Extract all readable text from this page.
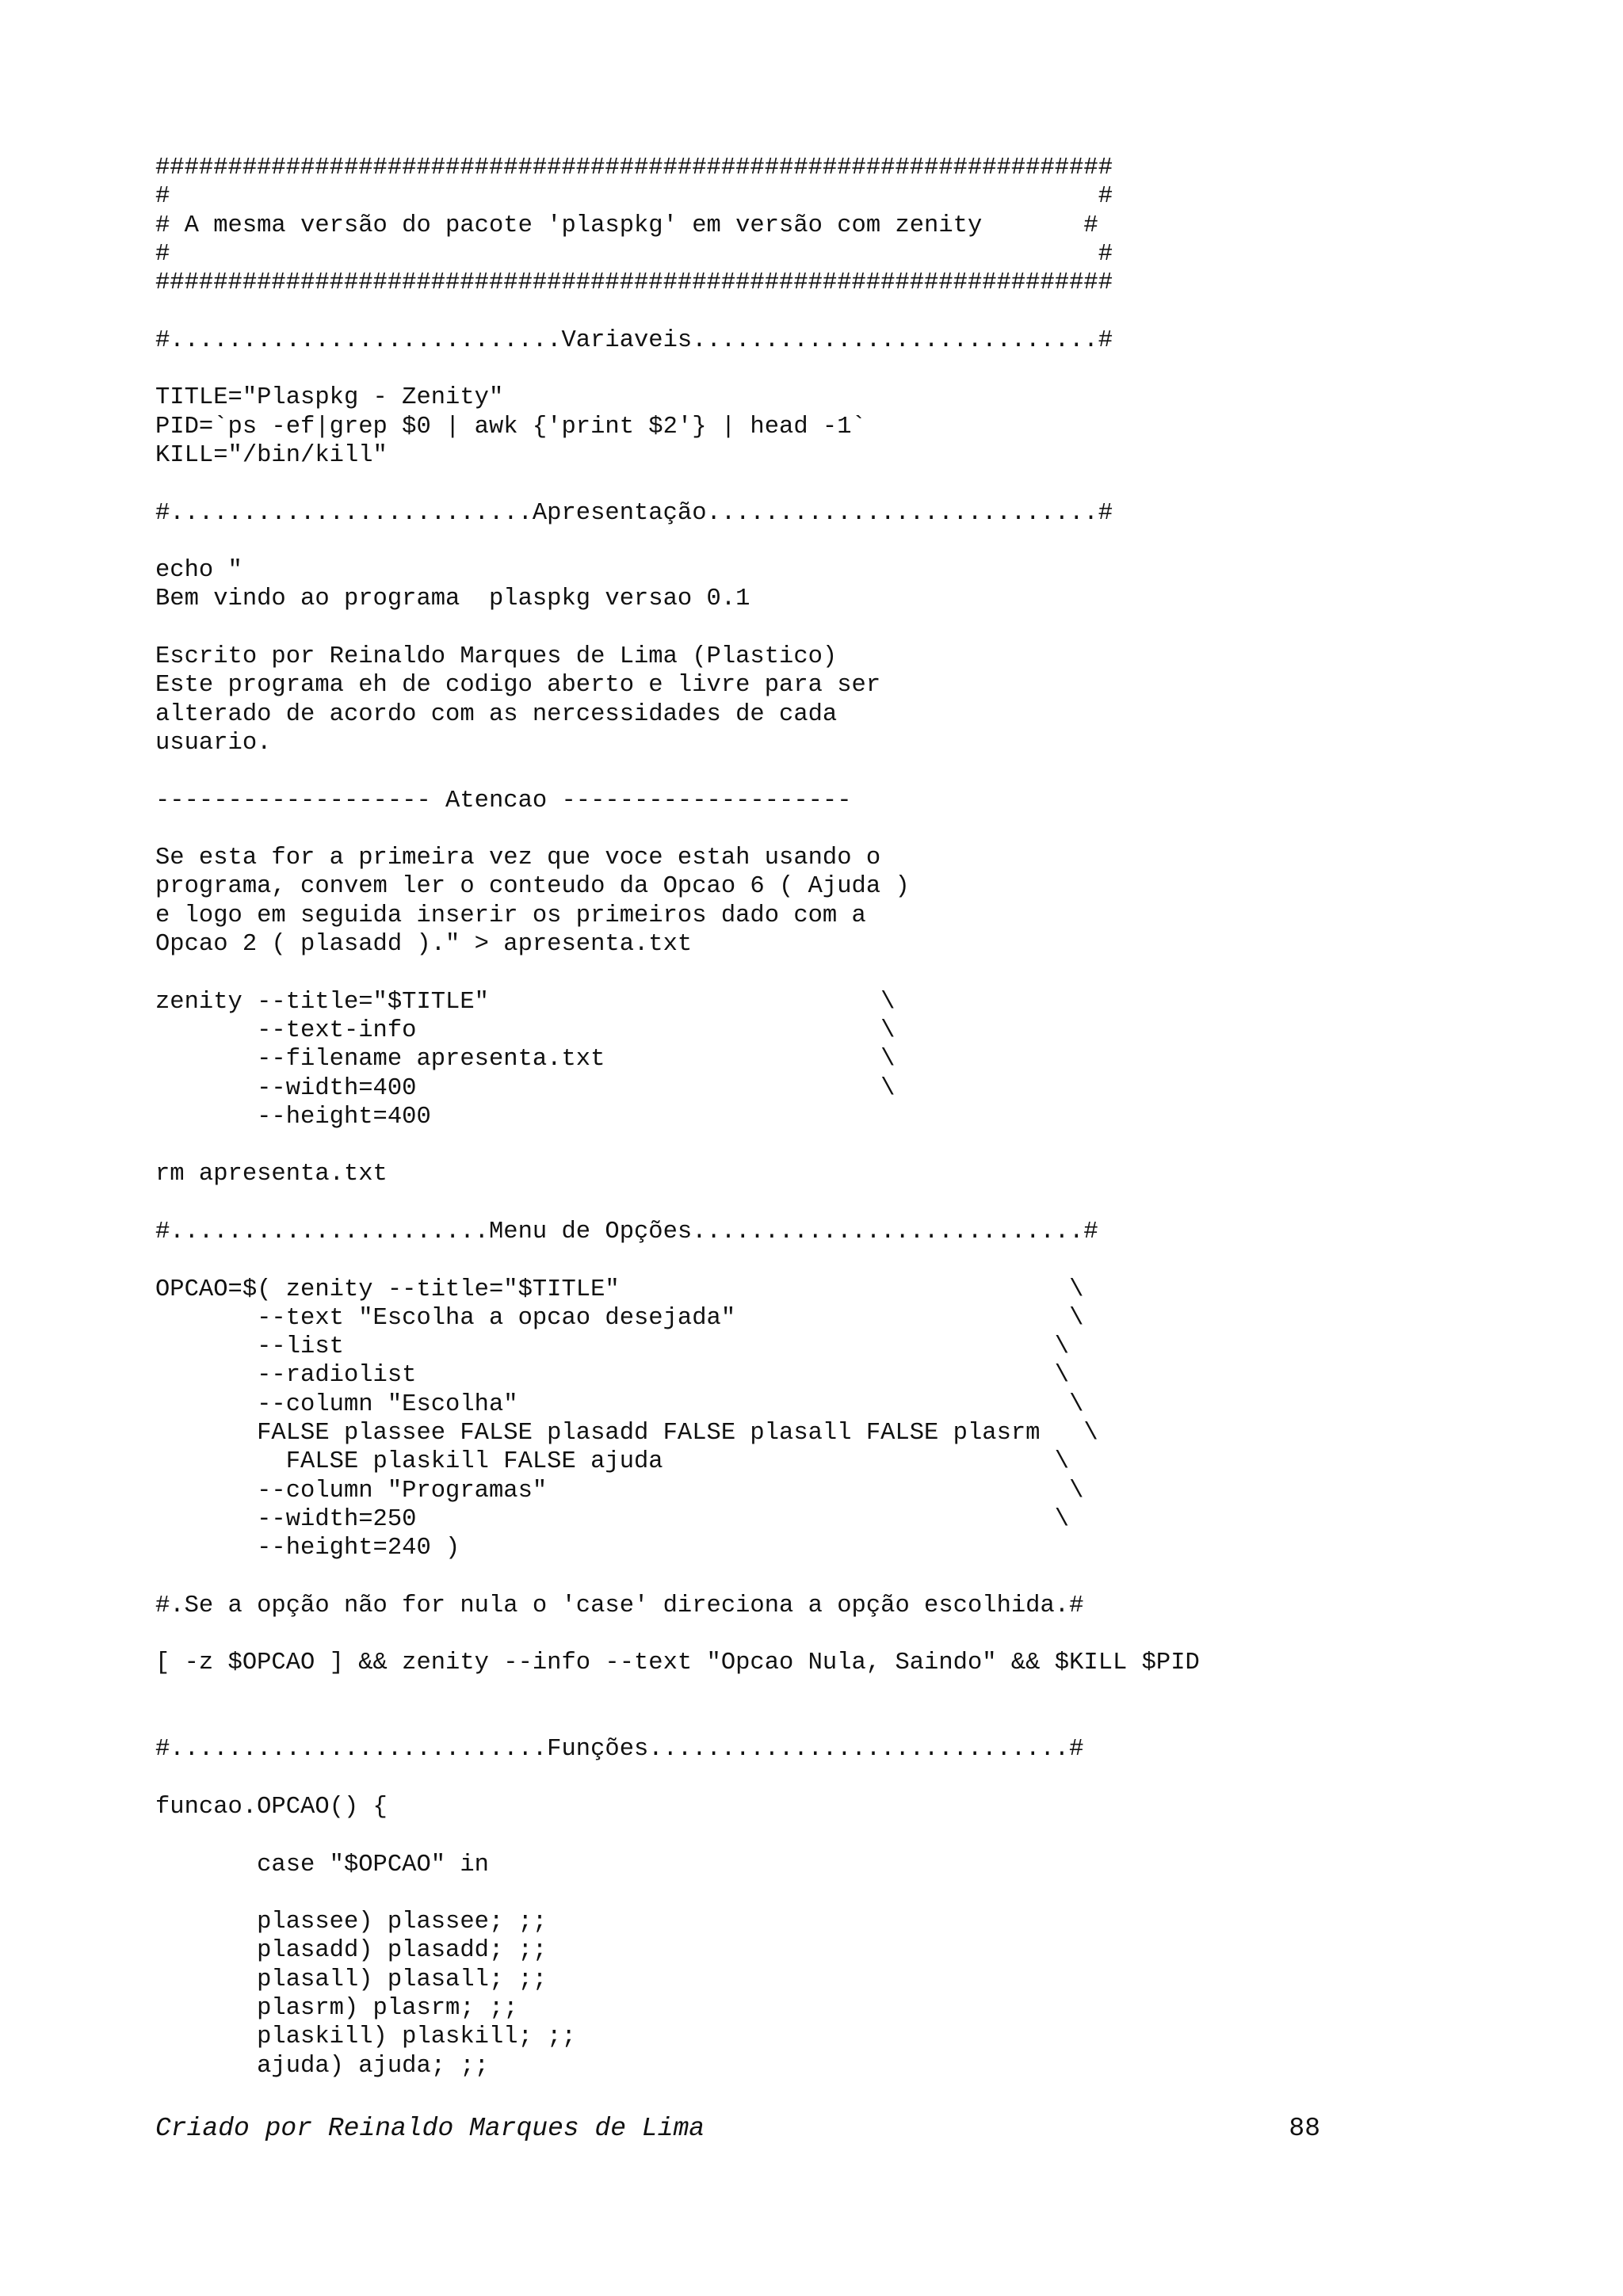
##################################################################
#                                                                #
# A mesma versão do pacote 'plaspkg' em versão com zenity       #
#                                                                #
##################################################################
#...........................Variaveis............................#
TITLE="Plaspkg - Zenity"
PID=`ps -ef|grep $0 | awk {'print $2'} | head -1`
KILL="/bin/kill"
#.........................Apresentação...........................#
echo "
Bem vindo ao programa  plaspkg versao 0.1
Escrito por Reinaldo Marques de Lima (Plastico)
Este programa eh de codigo aberto e livre para ser
alterado de acordo com as nercessidades de cada
usuario.
------------------- Atencao --------------------
Se esta for a primeira vez que voce estah usando o
programa, convem ler o conteudo da Opcao 6 ( Ajuda )
e logo em seguida inserir os primeiros dado com a
Opcao 2 ( plasadd )." > apresenta.txt
zenity --title="$TITLE"                           \
--text-info                                \
--filename apresenta.txt                   \
--width=400                                \
--height=400
rm apresenta.txt
#......................Menu de Opções...........................#
OPCAO=$( zenity --title="$TITLE"                               \
--text "Escolha a opcao desejada"                       \
--list                                                 \
--radiolist                                            \
--column "Escolha"                                      \
FALSE plassee FALSE plasadd FALSE plasall FALSE plasrm   \
FALSE plaskill FALSE ajuda                           \
--column "Programas"                                    \
--width=250                                            \
--height=240 )
#.Se a opção não for nula o 'case' direciona a opção escolhida.#
[ -z $OPCAO ] && zenity --info --text "Opcao Nula, Saindo" && $KILL $PID
#..........................Funções.............................#
funcao.OPCAO() {
case "$OPCAO" in
plassee) plassee; ;;
plasadd) plasadd; ;;
plasall) plasall; ;;
plasrm) plasrm; ;;
plaskill) plaskill; ;;
ajuda) ajuda; ;;
Criado por Reinaldo Marques de Lima	88
